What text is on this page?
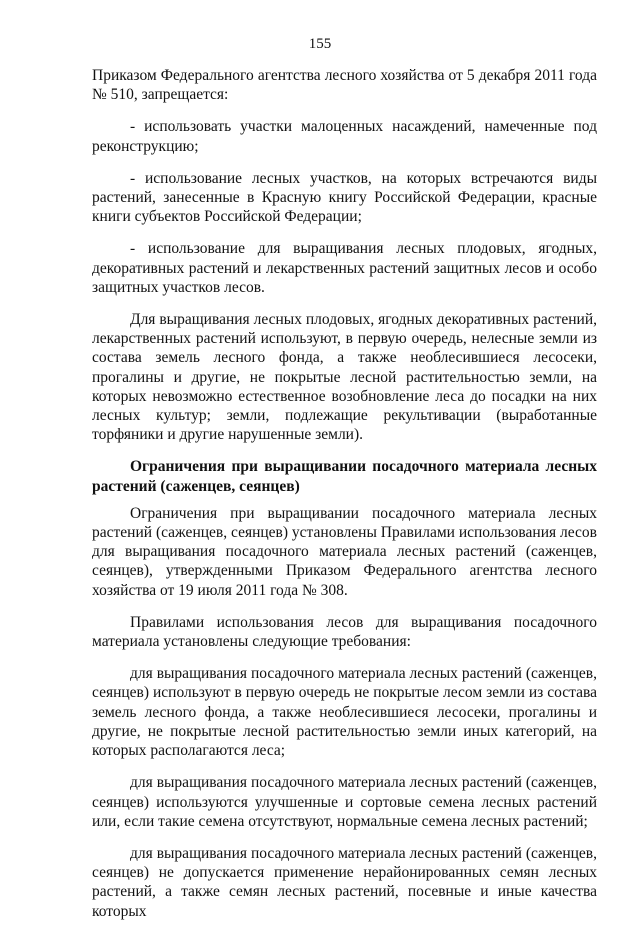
155

Приказом Федерального агентства лесного хозяйства от 5 декабря 2011 года № 510, запрещается:

- использовать участки малоценных насаждений, намеченные под реконструкцию;

- использование лесных участков, на которых встречаются виды растений, занесенные в Красную книгу Российской Федерации, красные книги субъектов Российской Федерации;

- использование для выращивания лесных плодовых, ягодных, декоративных растений и лекарственных растений защитных лесов и особо защитных участков лесов.

Для выращивания лесных плодовых, ягодных декоративных растений, лекарственных растений используют, в первую очередь, нелесные земли из состава земель лесного фонда, а также необлесившиеся лесосеки, прогалины и другие, не покрытые лесной растительностью земли, на которых невозможно естественное возобновление леса до посадки на них лесных культур; земли, подлежащие рекультивации (выработанные торфяники и другие нарушенные земли).

Ограничения при выращивании посадочного материала лесных растений (саженцев, сеянцев)

Ограничения при выращивании посадочного материала лесных растений (саженцев, сеянцев) установлены Правилами использования лесов для выращивания посадочного материала лесных растений (саженцев, сеянцев), утвержденными Приказом Федерального агентства лесного хозяйства от 19 июля 2011 года № 308.

Правилами использования лесов для выращивания посадочного материала установлены следующие требования:

для выращивания посадочного материала лесных растений (саженцев, сеянцев) используют в первую очередь не покрытые лесом земли из состава земель лесного фонда, а также необлесившиеся лесосеки, прогалины и другие, не покрытые лесной растительностью земли иных категорий, на которых располагаются леса;

для выращивания посадочного материала лесных растений (саженцев, сеянцев) используются улучшенные и сортовые семена лесных растений или, если такие семена отсутствуют, нормальные семена лесных растений;

для выращивания посадочного материала лесных растений (саженцев, сеянцев) не допускается применение нерайонированных семян лесных растений, а также семян лесных растений, посевные и иные качества которых
